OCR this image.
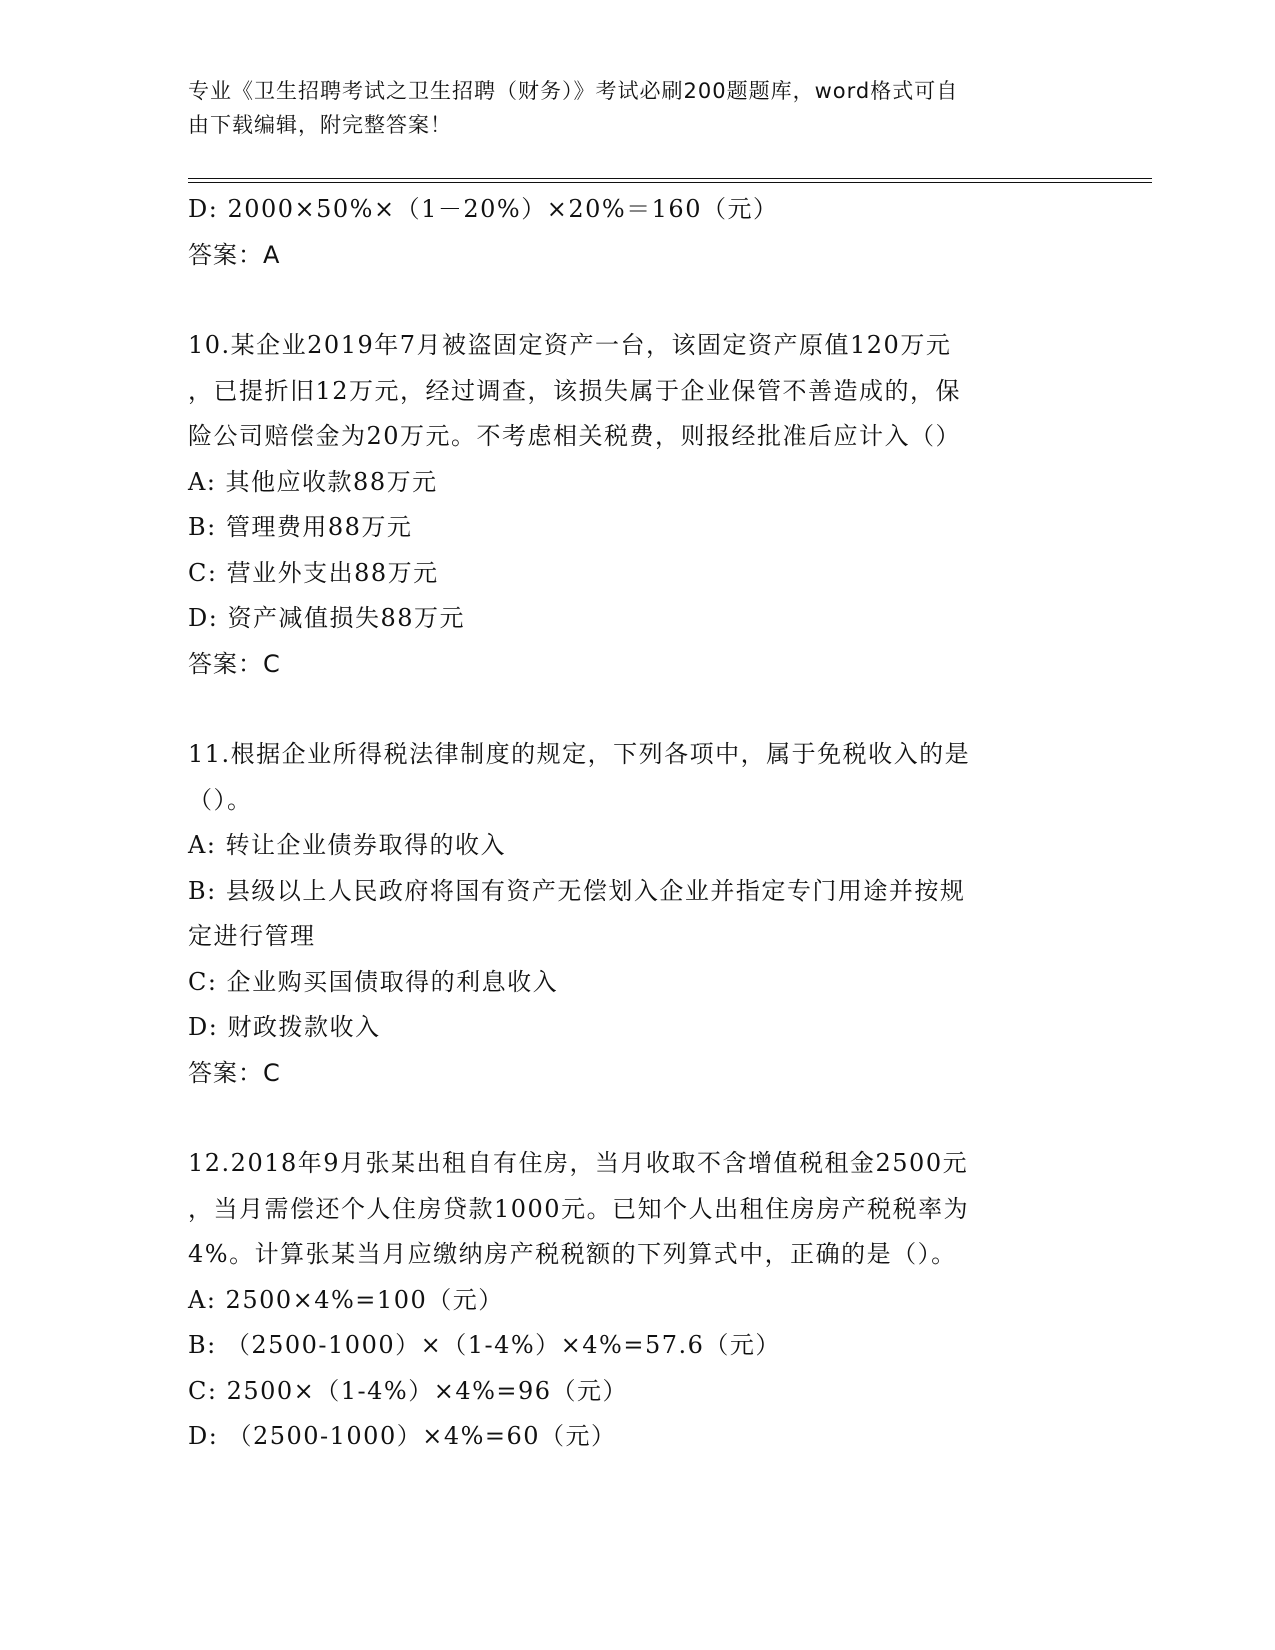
专业《卫生招聘考试之卫生招聘（财务）》考试必刷200题题库，word格式可自
由下载编辑，附完整答案！
D: 2000×50%×（1－20%）×20%＝160（元）
答案：A
10.某企业2019年7月被盗固定资产一台，该固定资产原值120万元
，已提折旧12万元，经过调查，该损失属于企业保管不善造成的，保
险公司赔偿金为20万元。不考虑相关税费，则报经批准后应计入（）
A: 其他应收款88万元
B: 管理费用88万元
C: 营业外支出88万元
D: 资产减值损失88万元
答案：C
11.根据企业所得税法律制度的规定，下列各项中，属于免税收入的是
（）。
A: 转让企业债券取得的收入
B: 县级以上人民政府将国有资产无偿划入企业并指定专门用途并按规
定进行管理
C: 企业购买国债取得的利息收入
D: 财政拨款收入
答案：C
12.2018年9月张某出租自有住房，当月收取不含增值税租金2500元
，当月需偿还个人住房贷款1000元。已知个人出租住房房产税税率为
4%。计算张某当月应缴纳房产税税额的下列算式中，正确的是（）。
A: 2500×4%=100（元）
B: （2500-1000）×（1-4%）×4%=57.6（元）
C: 2500×（1-4%）×4%=96（元）
D: （2500-1000）×4%=60（元）
